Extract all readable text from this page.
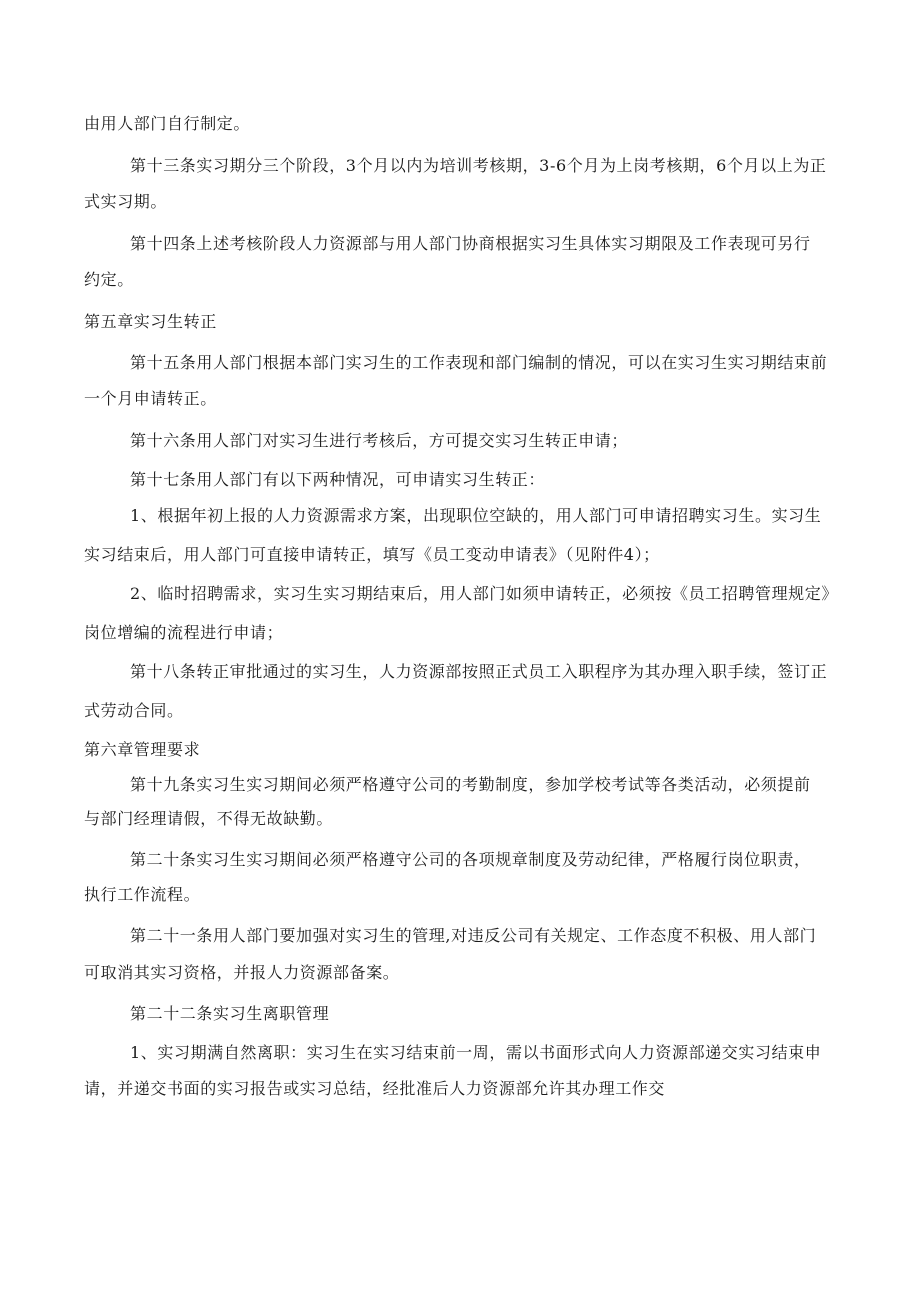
由用人部门自行制定。
第十三条实习期分三个阶段，3个月以内为培训考核期，3-6个月为上岗考核期，6个月以上为正
式实习期。
第十四条上述考核阶段人力资源部与用人部门协商根据实习生具体实习期限及工作表现可另行
约定。
第五章实习生转正
第十五条用人部门根据本部门实习生的工作表现和部门编制的情况，可以在实习生实习期结束前
一个月申请转正。
第十六条用人部门对实习生进行考核后，方可提交实习生转正申请；
第十七条用人部门有以下两种情况，可申请实习生转正：
1、根据年初上报的人力资源需求方案，出现职位空缺的，用人部门可申请招聘实习生。实习生
实习结束后，用人部门可直接申请转正，填写《员工变动申请表》（见附件4）；
2、临时招聘需求，实习生实习期结束后，用人部门如须申请转正，必须按《员工招聘管理规定》
岗位增编的流程进行申请；
第十八条转正审批通过的实习生，人力资源部按照正式员工入职程序为其办理入职手续，签订正
式劳动合同。
第六章管理要求
第十九条实习生实习期间必须严格遵守公司的考勤制度，参加学校考试等各类活动，必须提前
与部门经理请假，不得无故缺勤。
第二十条实习生实习期间必须严格遵守公司的各项规章制度及劳动纪律，严格履行岗位职责，
执行工作流程。
第二十一条用人部门要加强对实习生的管理,对违反公司有关规定、工作态度不积极、用人部门
可取消其实习资格，并报人力资源部备案。
第二十二条实习生离职管理
1、实习期满自然离职：实习生在实习结束前一周，需以书面形式向人力资源部递交实习结束申
请，并递交书面的实习报告或实习总结，经批准后人力资源部允许其办理工作交
